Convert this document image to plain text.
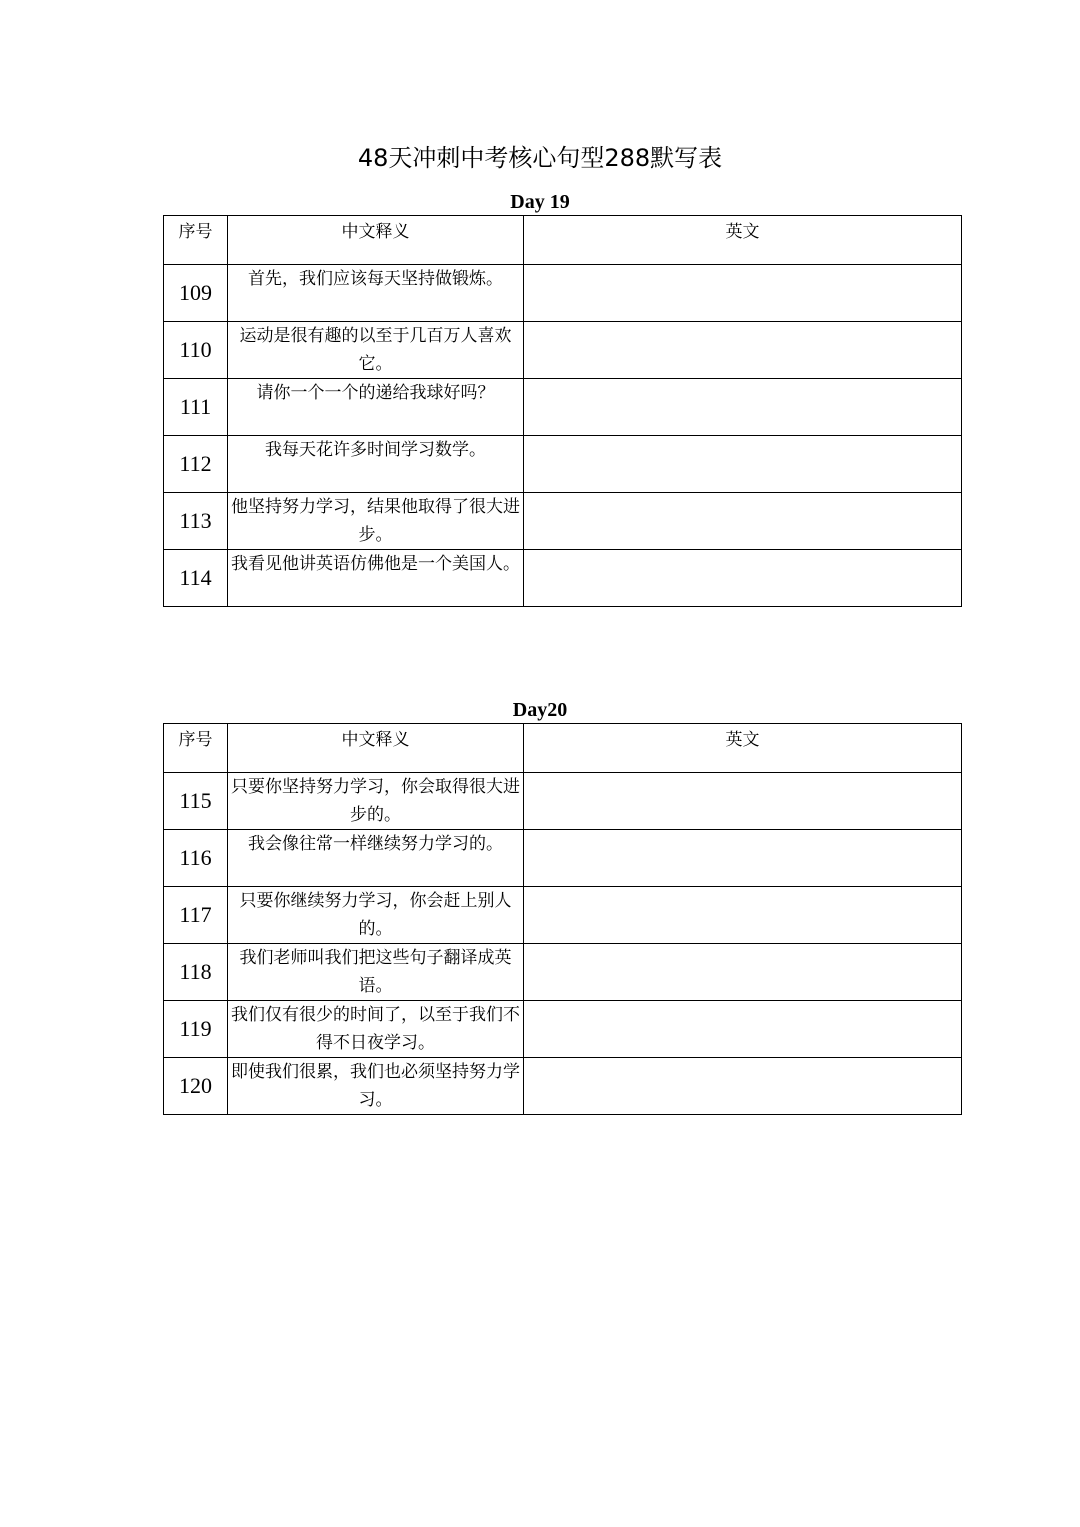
48天冲刺中考核心句型288默写表
Day 19
序号	中文释义	英文
109	首先，我们应该每天坚持做锻炼。	
110	运动是很有趣的以至于几百万人喜欢它。	
111	请你一个一个的递给我球好吗？	
112	我每天花许多时间学习数学。	
113	他坚持努力学习，结果他取得了很大进步。	
114	我看见他讲英语仿佛他是一个美国人。	
Day20
序号	中文释义	英文
115	只要你坚持努力学习，你会取得很大进步的。	
116	我会像往常一样继续努力学习的。	
117	只要你继续努力学习，你会赶上别人的。	
118	我们老师叫我们把这些句子翻译成英语。	
119	我们仅有很少的时间了，以至于我们不得不日夜学习。	
120	即使我们很累，我们也必须坚持努力学习。	
